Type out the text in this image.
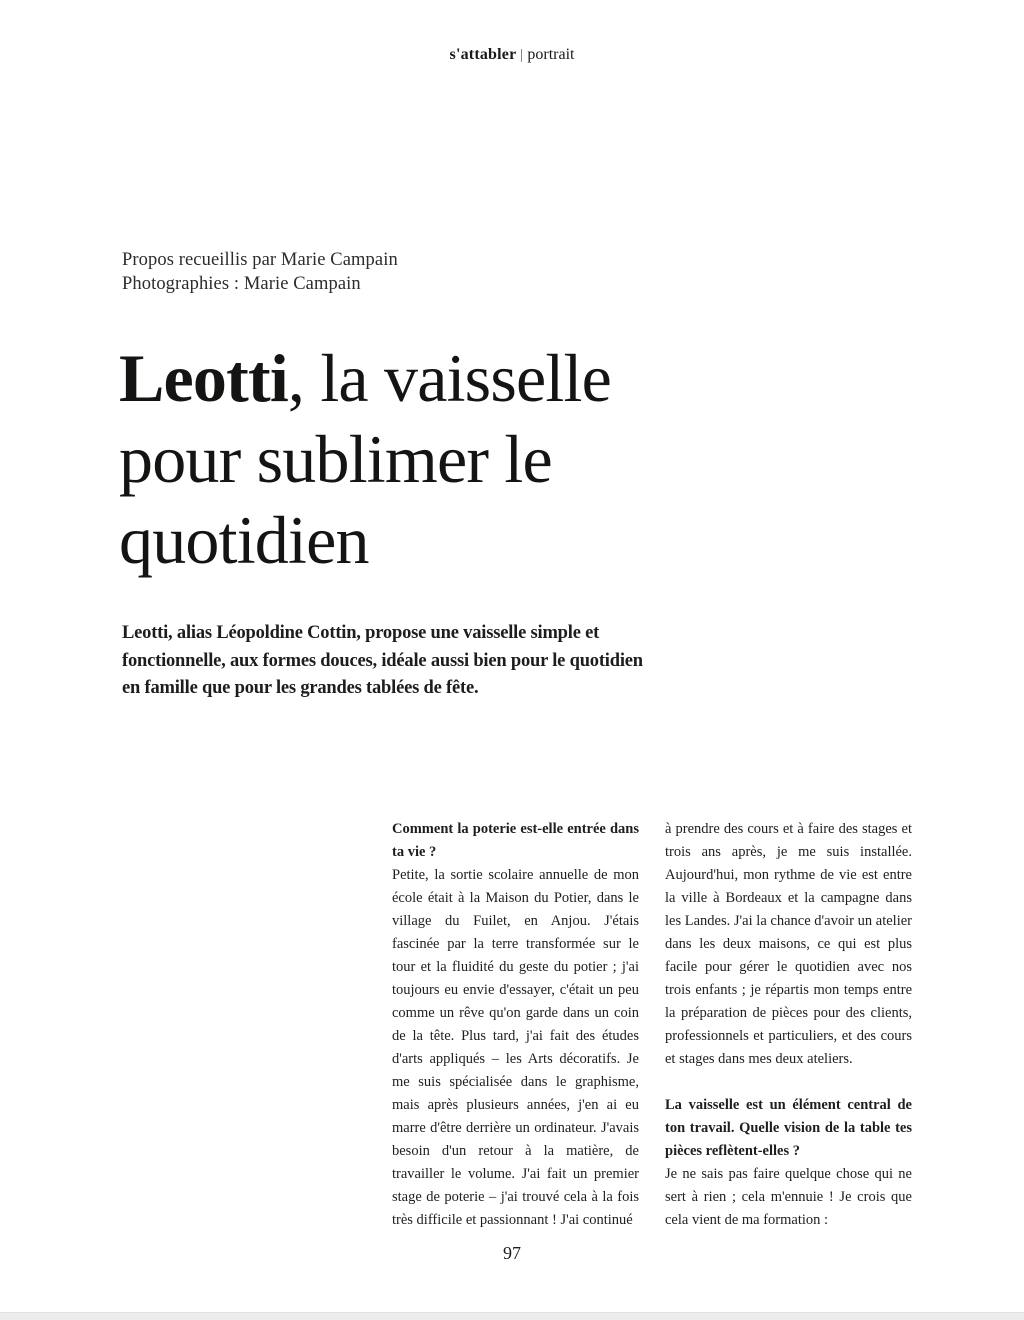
s'attabler portrait
Propos recueillis par Marie Campain
Photographies : Marie Campain
Leotti, la vaisselle
pour sublimer le
quotidien

Leotti, alias Léopoldine Cottin, propose une vaisselle simple et fonctionnelle, aux formes douces, idéale aussi bien pour le quotidien en famille que pour les grandes tablées de fête.

Comment la poterie est-elle entrée dans ta vie ?

Petite, la sortie scolaire annuelle de mon école était à la Maison du Potier, dans le village du Fuilet, en Anjou. J'étais fascinée par la terre transformée sur le tour et la fluidité du geste du potier ; j'ai toujours eu envie d'essayer, c'était un peu comme un rêve qu'on garde dans un coin de la tête. Plus tard, j'ai fait des études d'arts appliqués – les Arts décoratifs. Je me suis spécialisée dans le graphisme, mais après plusieurs années, j'en ai eu marre d'être derrière un ordinateur. J'avais besoin d'un retour à la matière, de travailler le volume. J'ai fait un premier stage de poterie – j'ai trouvé cela à la fois très difficile et passionnant ! J'ai continué

à prendre des cours et à faire des stages et trois ans après, je me suis installée. Aujourd'hui, mon rythme de vie est entre la ville à Bordeaux et la campagne dans les Landes. J'ai la chance d'avoir un atelier dans les deux maisons, ce qui est plus facile pour gérer le quotidien avec nos trois enfants ; je répartis mon temps entre la préparation de pièces pour des clients, professionnels et particuliers, et des cours et stages dans mes deux ateliers.

La vaisselle est un élément central de ton travail. Quelle vision de la table tes pièces reflètent-elles ?

Je ne sais pas faire quelque chose qui ne sert à rien ; cela m'ennuie ! Je crois que cela vient de ma formation :

97
